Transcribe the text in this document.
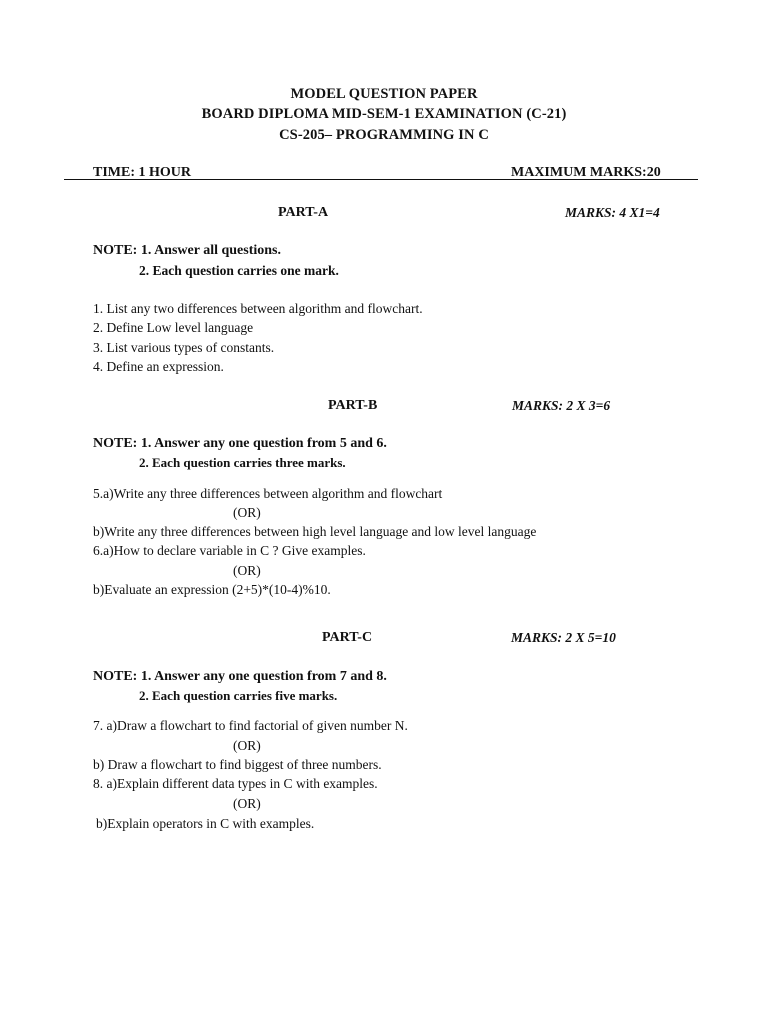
MODEL QUESTION PAPER
BOARD DIPLOMA MID-SEM-1 EXAMINATION (C-21)
CS-205– PROGRAMMING IN C
TIME: 1 HOUR	MAXIMUM MARKS:20
PART-A	MARKS: 4 X1=4
NOTE: 1. Answer all questions.
2. Each question carries one mark.
1. List any two differences between algorithm and flowchart.
2. Define Low level language
3. List various types of constants.
4. Define an expression.
PART-B	MARKS: 2 X 3=6
NOTE: 1. Answer any one question from 5 and 6.
2. Each question carries three marks.
5.a)Write any three differences between algorithm and flowchart
(OR)
b)Write any three differences between high level language and low level language
6.a)How to declare variable in C ? Give examples.
(OR)
b)Evaluate an expression (2+5)*(10-4)%10.
PART-C	MARKS: 2 X 5=10
NOTE: 1. Answer any one question from 7 and 8.
2. Each question carries five marks.
7. a)Draw a flowchart to find factorial of given number N.
(OR)
b) Draw a flowchart to find biggest of three numbers.
8. a)Explain different data types in C with examples.
(OR)
b)Explain operators in C with examples.
